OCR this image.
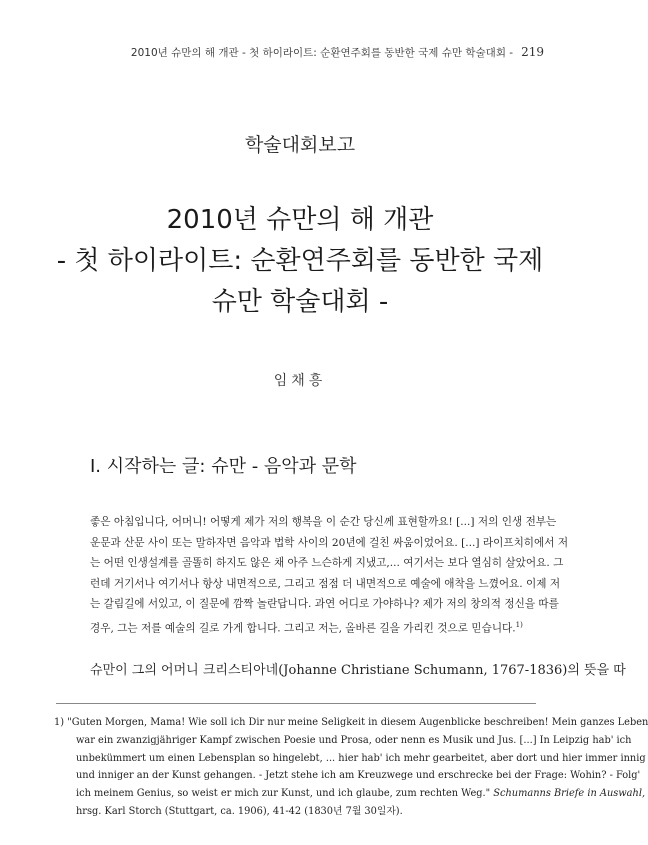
2010년 슈만의 해 개관 - 첫 하이라이트: 순환연주회를 동반한 국제 슈만 학술대회 - 219
학술대회보고
2010년 슈만의 해 개관
- 첫 하이라이트: 순환연주회를 동반한 국제
슈만 학술대회 -
임채흥
I. 시작하는 글: 슈만 - 음악과 문학

좋은 아침입니다, 어머니! 어떻게 제가 저의 행복을 이 순간 당신께 표현할까요! [...] 저의 인생 전부는

운문과 산문 사이 또는 말하자면 음악과 법학 사이의 20년에 걸친 싸움이었어요. [...] 라이프치히에서 저

는 어떤 인생설계를 골똘히 하지도 않은 채 아주 느슨하게 지냈고,... 여기서는 보다 열심히 살았어요. 그

런데 거기서나 여기서나 항상 내면적으로, 그리고 점점 더 내면적으로 예술에 애착을 느꼈어요. 이제 저

는 갈림길에 서있고, 이 질문에 깜짝 놀란답니다. 과연 어디로 가야하나? 제가 저의 창의적 정신을 따를

경우, 그는 저를 예술의 길로 가게 합니다. 그리고 저는, 올바른 길을 가리킨 것으로 믿습니다.$^{1)}$

슈만이 그의 어머니 크리스티아네(Johanne Christiane Schumann, 1767-1836)의 뜻을 따

1) "Guten Morgen, Mama! Wie soll ich Dir nur meine Seligkeit in diesem Augenblicke beschreiben! Mein ganzes Leben

war ein zwanzigjähriger Kampf zwischen Poesie und Prosa, oder nenn es Musik und Jus. [...] In Leipzig hab' ich

unbekümmert um einen Lebensplan so hingelebt, ... hier hab' ich mehr gearbeitet, aber dort und hier immer innig

und inniger an der Kunst gehangen. - Jetzt stehe ich am Kreuzwege und erschrecke bei der Frage: Wohin? - Folg'

ich meinem Genius, so weist er mich zur Kunst, und ich glaube, zum rechten Weg." Schumanns Briefe in Auswahl,

hrsg. Karl Storch (Stuttgart, ca. 1906), 41-42 (1830년 7월 30일자).
